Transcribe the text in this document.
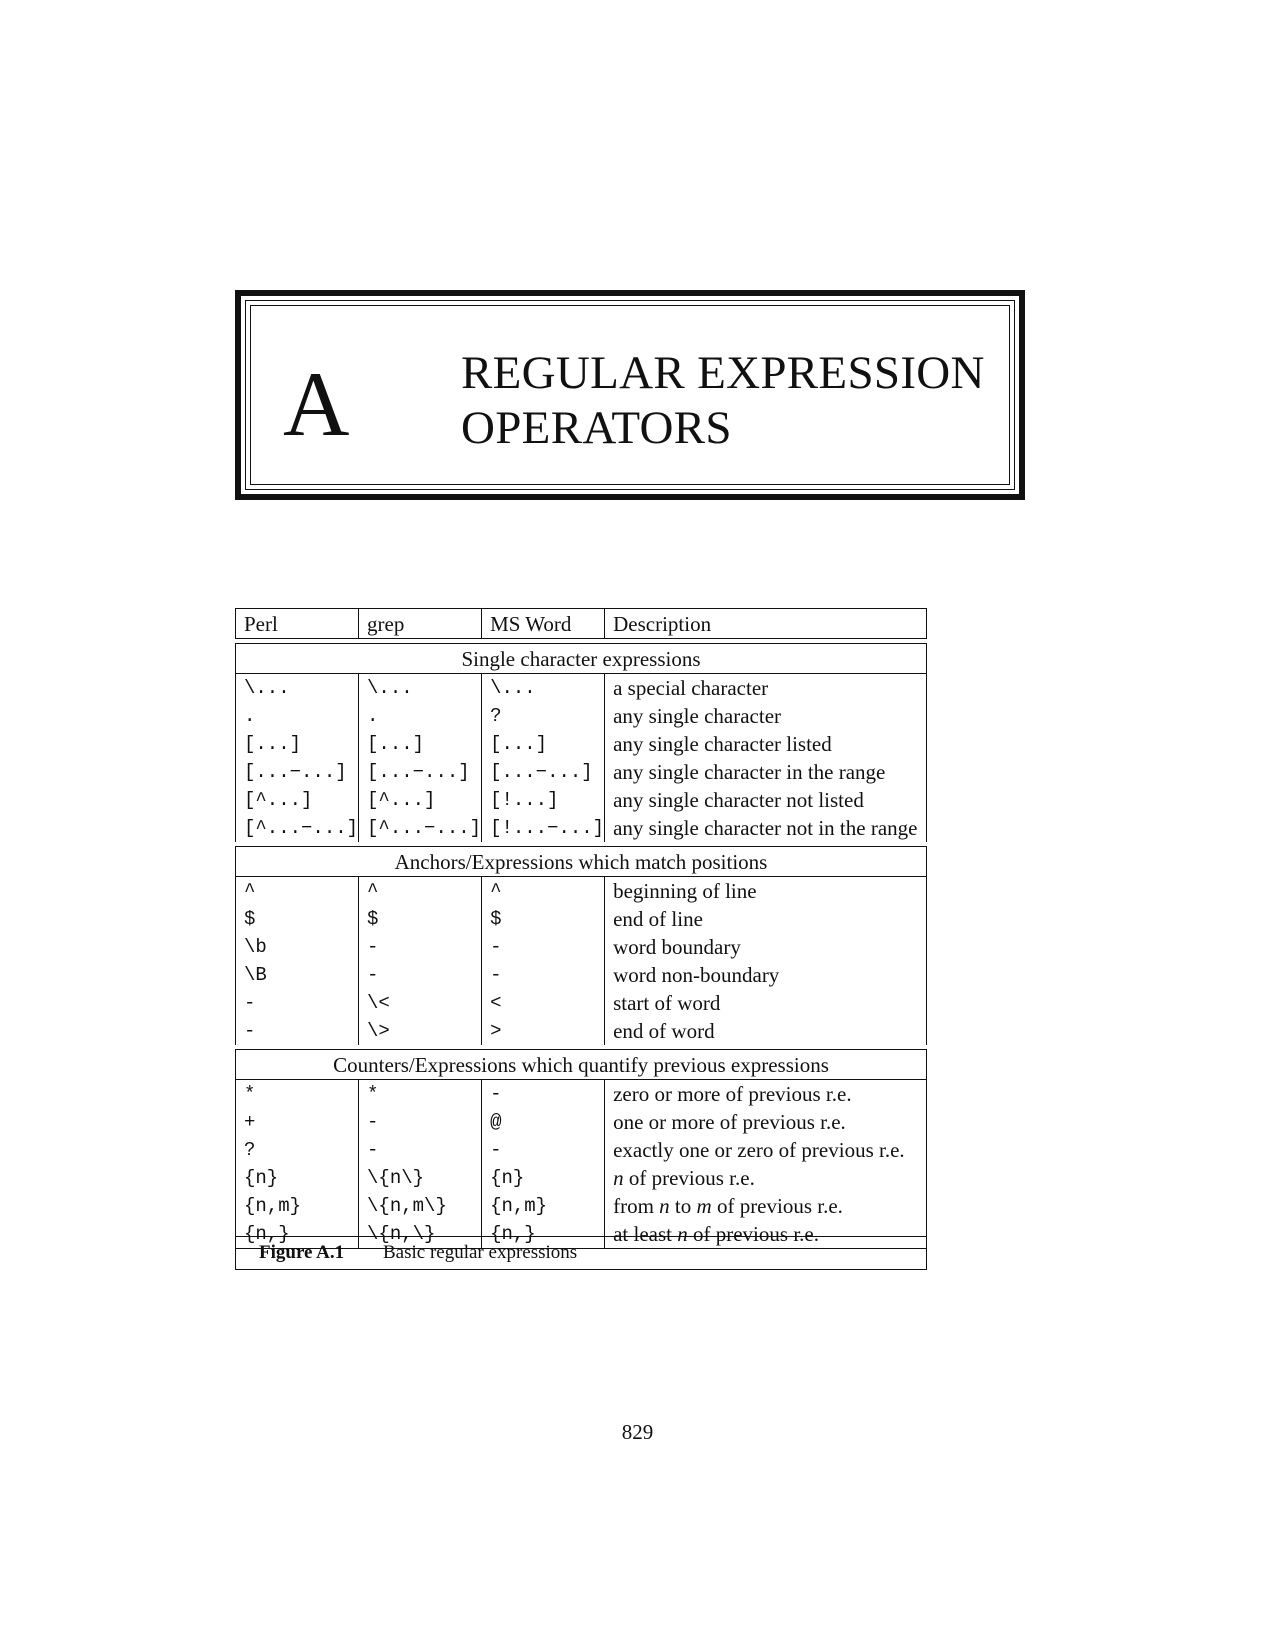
A REGULAR EXPRESSION
OPERATORS
Perl	grep	MS Word	Description

Single character expressions			
\...	\...	\...	a special character
.	.	?	any single character
[...]	[...]	[...]	any single character listed
[...−...]	[...−...]	[...−...]	any single character in the range
[^...]	[^...]	[!...]	any single character not listed
[^...−...]	[^...−...]	[!...−...]	any single character not in the range

Anchors/Expressions which match positions			
^	^	^	beginning of line
$	$	$	end of line
\b	-	-	word boundary
\B	-	-	word non-boundary
-	\<	<	start of word
-	\>	>	end of word

Counters/Expressions which quantify previous expressions			
*	*	-	zero or more of previous r.e.
+	-	@	one or more of previous r.e.
?	-	-	exactly one or zero of previous r.e.
{n}	\{n\}	{n}	n of previous r.e.
{n,m}	\{n,m\}	{n,m}	from n to m of previous r.e.
{n,}	\{n,\}	{n,}	at least n of previous r.e.
Figure A.1 Basic regular expressions
829
